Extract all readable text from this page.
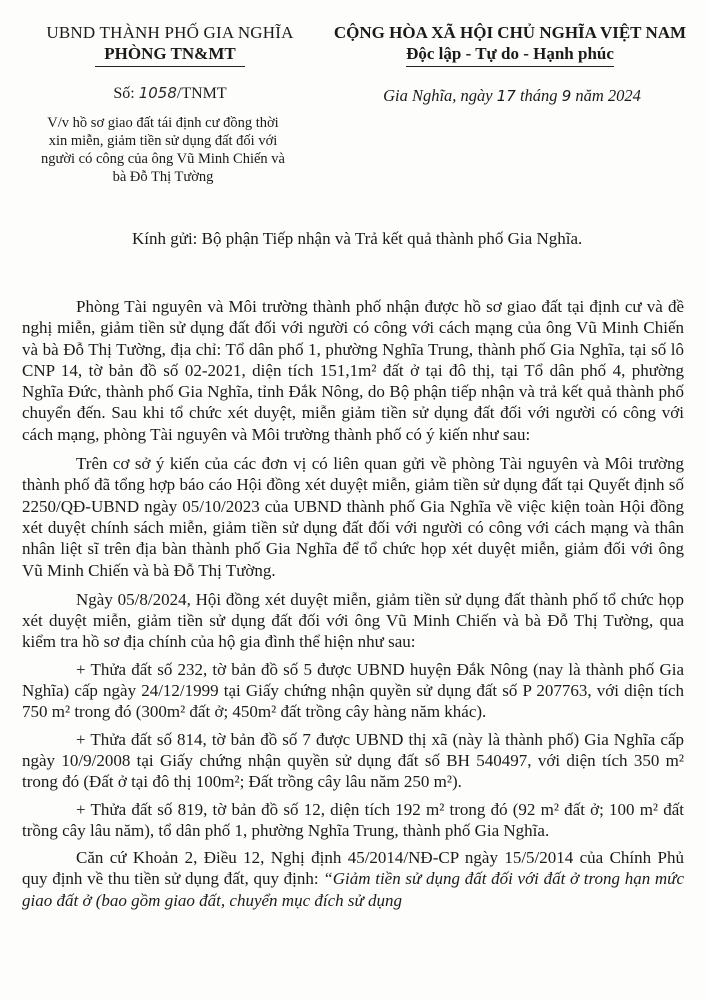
UBND THÀNH PHỐ GIA NGHĨA
PHÒNG TN&MT
CỘNG HÒA XÃ HỘI CHỦ NGHĨA VIỆT NAM
Độc lập - Tự do - Hạnh phúc
Số: 1058/TNMT
V/v hồ sơ giao đất tái định cư đồng thời xin miễn, giảm tiền sử dụng đất đối với người có công của ông Vũ Minh Chiến và bà Đỗ Thị Tường
Gia Nghĩa, ngày 17 tháng 9 năm 2024
Kính gửi: Bộ phận Tiếp nhận và Trả kết quả thành phố Gia Nghĩa.

Phòng Tài nguyên và Môi trường thành phố nhận được hồ sơ giao đất tại định cư và đề nghị miễn, giảm tiền sử dụng đất đối với người có công với cách mạng của ông Vũ Minh Chiến và bà Đỗ Thị Tường, địa chỉ: Tổ dân phố 1, phường Nghĩa Trung, thành phố Gia Nghĩa, tại số lô CNP 14, tờ bản đồ số 02-2021, diện tích 151,1m² đất ở tại đô thị, tại Tổ dân phố 4, phường Nghĩa Đức, thành phố Gia Nghĩa, tỉnh Đắk Nông, do Bộ phận tiếp nhận và trả kết quả thành phố chuyển đến. Sau khi tổ chức xét duyệt, miễn giảm tiền sử dụng đất đối với người có công với cách mạng, phòng Tài nguyên và Môi trường thành phố có ý kiến như sau:

Trên cơ sở ý kiến của các đơn vị có liên quan gửi về phòng Tài nguyên và Môi trường thành phố đã tổng hợp báo cáo Hội đồng xét duyệt miễn, giảm tiền sử dụng đất tại Quyết định số 2250/QĐ-UBND ngày 05/10/2023 của UBND thành phố Gia Nghĩa về việc kiện toàn Hội đồng xét duyệt chính sách miễn, giảm tiền sử dụng đất đối với người có công với cách mạng và thân nhân liệt sĩ trên địa bàn thành phố Gia Nghĩa để tổ chức họp xét duyệt miễn, giảm đối với ông Vũ Minh Chiến và bà Đỗ Thị Tường.

Ngày 05/8/2024, Hội đồng xét duyệt miễn, giảm tiền sử dụng đất thành phố tổ chức họp xét duyệt miễn, giảm tiền sử dụng đất đối với ông Vũ Minh Chiến và bà Đỗ Thị Tường, qua kiểm tra hồ sơ địa chính của hộ gia đình thể hiện như sau:

+ Thửa đất số 232, tờ bản đồ số 5 được UBND huyện Đắk Nông (nay là thành phố Gia Nghĩa) cấp ngày 24/12/1999 tại Giấy chứng nhận quyền sử dụng đất số P 207763, với diện tích 750 m² trong đó (300m² đất ở; 450m² đất trồng cây hàng năm khác).

+ Thửa đất số 814, tờ bản đồ số 7 được UBND thị xã (này là thành phố) Gia Nghĩa cấp ngày 10/9/2008 tại Giấy chứng nhận quyền sử dụng đất số BH 540497, với diện tích 350 m² trong đó (Đất ở tại đô thị 100m²; Đất trồng cây lâu năm 250 m²).

+ Thửa đất số 819, tờ bản đồ số 12, diện tích 192 m² trong đó (92 m² đất ở; 100 m² đất trồng cây lâu năm), tổ dân phố 1, phường Nghĩa Trung, thành phố Gia Nghĩa.

Căn cứ Khoản 2, Điều 12, Nghị định 45/2014/NĐ-CP ngày 15/5/2014 của Chính Phủ quy định về thu tiền sử dụng đất, quy định: “Giảm tiền sử dụng đất đối với đất ở trong hạn mức giao đất ở (bao gồm giao đất, chuyển mục đích sử dụng
